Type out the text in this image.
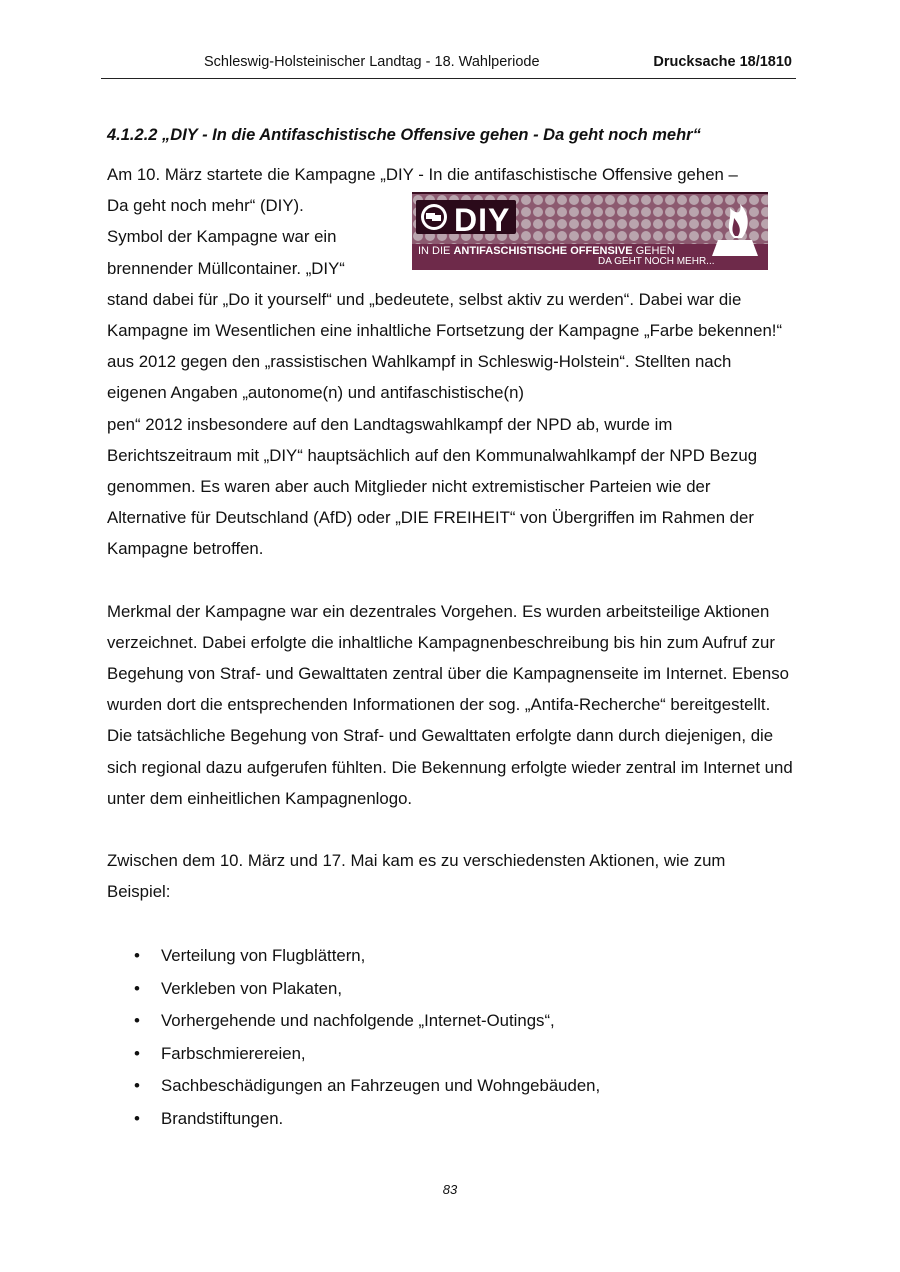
Schleswig-Holsteinischer Landtag - 18. Wahlperiode	Drucksache 18/1810
4.1.2.2 „DIY - In die Antifaschistische Offensive gehen - Da geht noch mehr“

Am 10. März startete die Kampagne „DIY - In die antifaschistische Offensive gehen –

DIY
IN DIE ANTIFASCHISTISCHE OFFENSIVE GEHEN
DA GEHT NOCH MEHR...

Da geht noch mehr“ (DIY).

Symbol der Kampagne war ein

brennender Müllcontainer. „DIY“

stand dabei für „Do it yourself“ und „bedeutete, selbst aktiv zu werden“. Dabei war die Kampagne im Wesentlichen eine inhaltliche Fortsetzung der Kampagne „Farbe bekennen!“ aus 2012 gegen den „rassistischen Wahlkampf in Schleswig-Holstein“. Stellten nach eigenen Angaben „autonome(n) und antifaschistische(n)

pen“ 2012 insbesondere auf den Landtagswahlkampf der NPD ab, wurde im Berichtszeitraum mit „DIY“ hauptsächlich auf den Kommunalwahlkampf der NPD Bezug genommen. Es waren aber auch Mitglieder nicht extremistischer Parteien wie der Alternative für Deutschland (AfD) oder „DIE FREIHEIT“ von Übergriffen im Rahmen der Kampagne betroffen.

Merkmal der Kampagne war ein dezentrales Vorgehen. Es wurden arbeitsteilige Aktionen verzeichnet. Dabei erfolgte die inhaltliche Kampagnenbeschreibung bis hin zum Aufruf zur Begehung von Straf- und Gewalttaten zentral über die Kampagnenseite im Internet. Ebenso wurden dort die entsprechenden Informationen der sog. „Antifa-Recherche“ bereitgestellt. Die tatsächliche Begehung von Straf- und Gewalttaten erfolgte dann durch diejenigen, die sich regional dazu aufgerufen fühlten. Die Bekennung erfolgte wieder zentral im Internet und unter dem einheitlichen Kampagnenlogo.

Zwischen dem 10. März und 17. Mai kam es zu verschiedensten Aktionen, wie zum Beispiel:

• Verteilung von Flugblättern,
• Verkleben von Plakaten,
• Vorhergehende und nachfolgende „Internet-Outings“,
• Farbschmierereien,
• Sachbeschädigungen an Fahrzeugen und Wohngebäuden,
• Brandstiftungen.
83
